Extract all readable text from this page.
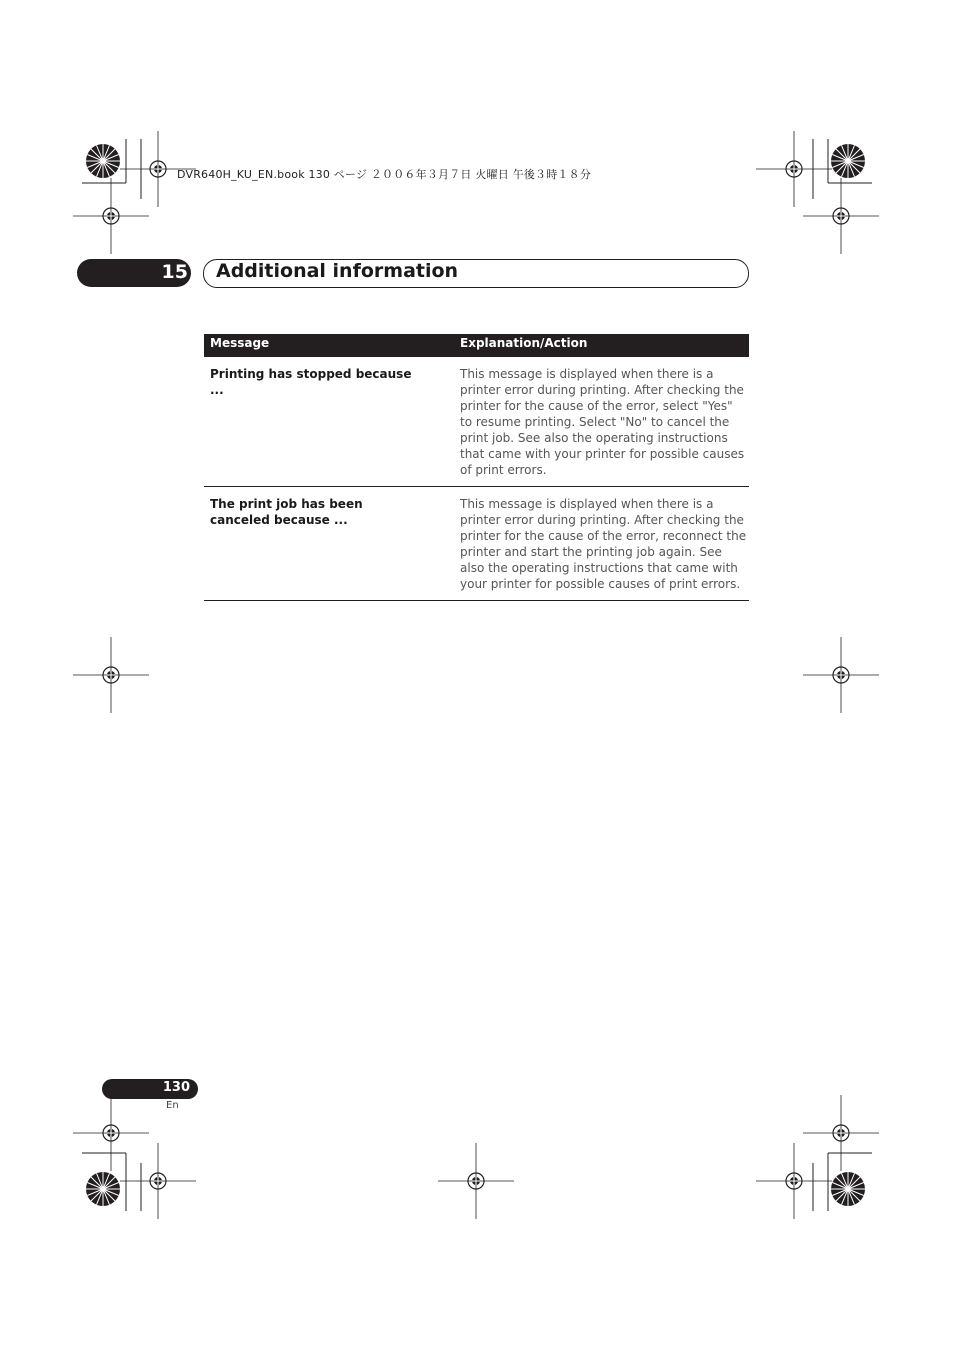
DVR640H_KU_EN.book 130 ページ ２００６年３月７日 火曜日 午後３時１８分
15 Additional information
Message	Explanation/Action
Printing has stopped because ...
This message is displayed when there is a printer error during printing. After checking the printer for the cause of the error, select "Yes" to resume printing. Select "No" to cancel the print job. See also the operating instructions that came with your printer for possible causes of print errors.
The print job has been canceled because ...
This message is displayed when there is a printer error during printing. After checking the printer for the cause of the error, reconnect the printer and start the printing job again. See also the operating instructions that came with your printer for possible causes of print errors.
130
En
